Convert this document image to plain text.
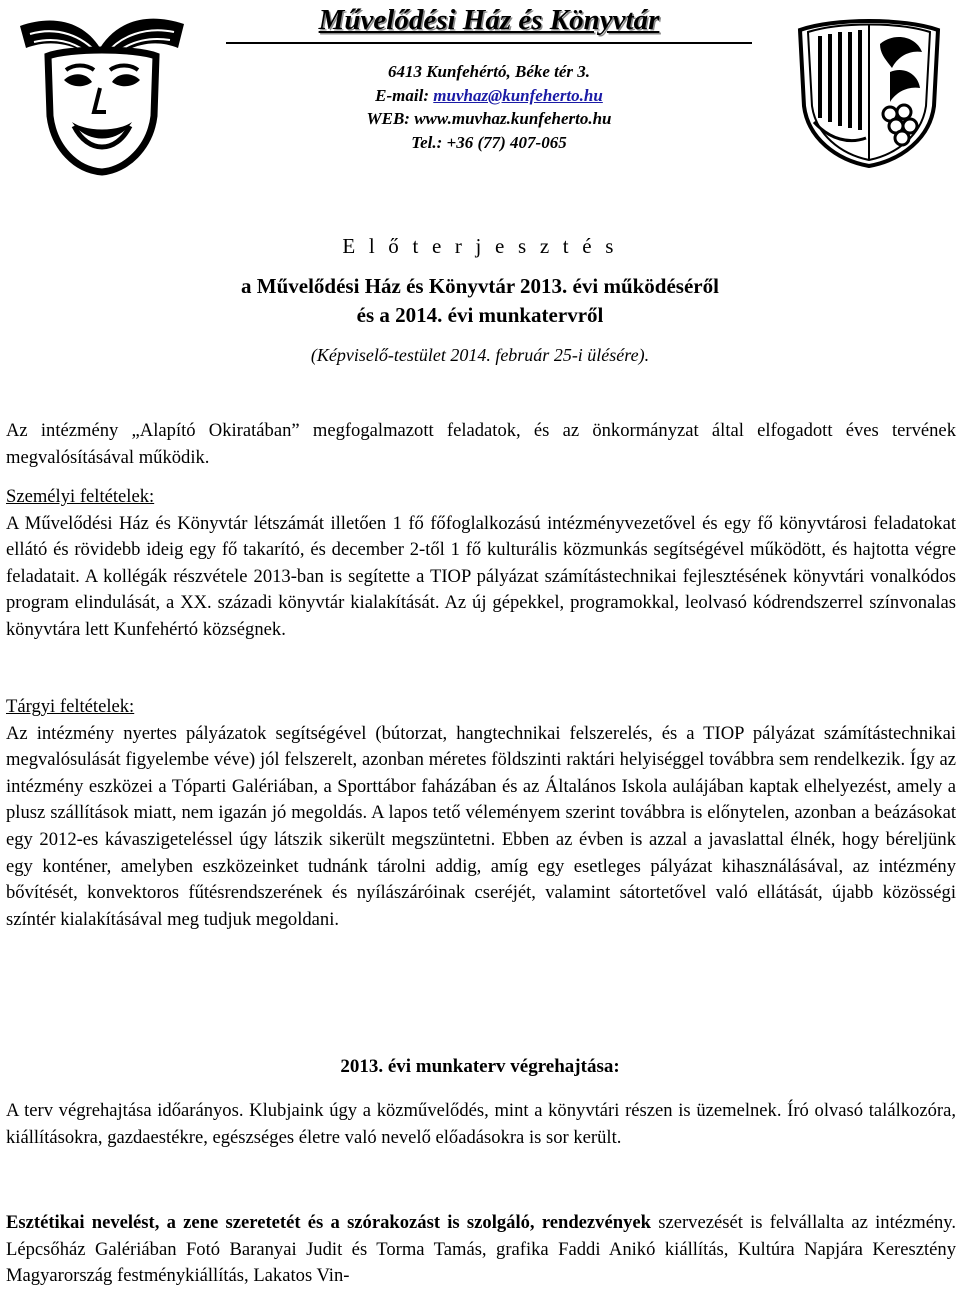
Művelődési Ház és Könyvtár
6413 Kunfehértó, Béke tér 3.
E-mail: muvhaz@kunfeherto.hu
WEB: www.muvhaz.kunfeherto.hu
Tel.: +36 (77) 407-065
E l ő t e r j e s z t é s
a Művelődési Ház és Könyvtár 2013. évi működéséről
és a 2014. évi munkatervről
(Képviselő-testület 2014. február 25-i ülésére).

Az intézmény „Alapító Okiratában” megfogalmazott feladatok, és az önkormányzat által elfogadott éves tervének megvalósításával működik.

Személyi feltételek:

A Művelődési Ház és Könyvtár létszámát illetően 1 fő főfoglalkozású intézményvezetővel és egy fő könyvtárosi feladatokat ellátó és rövidebb ideig egy fő takarító, és december 2-től 1 fő kulturális közmunkás segítségével működött, és hajtotta végre feladatait. A kollégák részvétele 2013-ban is segítette a TIOP pályázat számítástechnikai fejlesztésének könyvtári vonalkódos program elindulását, a XX. századi könyvtár kialakítását. Az új gépekkel, programokkal, leolvasó kódrendszerrel színvonalas könyvtára lett Kunfehértó községnek.

Tárgyi feltételek:

Az intézmény nyertes pályázatok segítségével (bútorzat, hangtechnikai felszerelés, és a TIOP pályázat számítástechnikai megvalósulását figyelembe véve) jól felszerelt, azonban méretes földszinti raktári helyiséggel továbbra sem rendelkezik. Így az intézmény eszközei a Tóparti Galériában, a Sporttábor faházában és az Általános Iskola aulájában kaptak elhelyezést, amely a plusz szállítások miatt, nem igazán jó megoldás. A lapos tető véleményem szerint továbbra is előnytelen, azonban a beázásokat egy 2012-es kávaszigeteléssel úgy látszik sikerült megszüntetni. Ebben az évben is azzal a javaslattal élnék, hogy béreljünk egy konténer, amelyben eszközeinket tudnánk tárolni addig, amíg egy esetleges pályázat kihasználásával, az intézmény bővítését, konvektoros fűtésrendszerének és nyílászáróinak cseréjét, valamint sátortetővel való ellátását, újabb közösségi színtér kialakításával meg tudjuk megoldani.

2013. évi munkaterv végrehajtása:

A terv végrehajtása időarányos. Klubjaink úgy a közművelődés, mint a könyvtári részen is üzemelnek. Író olvasó találkozóra, kiállításokra, gazdaestékre, egészséges életre való nevelő előadásokra is sor került.

Esztétikai nevelést, a zene szeretetét és a szórakozást is szolgáló, rendezvények szervezését is felvállalta az intézmény. Lépcsőház Galériában Fotó Baranyai Judit és Torma Tamás, grafika Faddi Anikó kiállítás, Kultúra Napjára Keresztény Magyarország festménykiállítás, Lakatos Vin-
